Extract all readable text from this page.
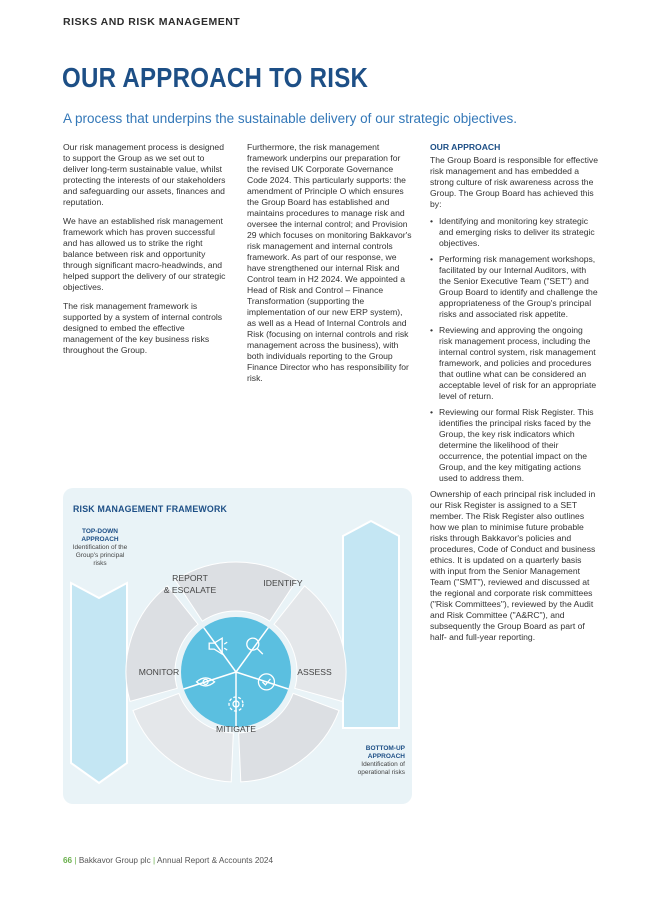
RISKS AND RISK MANAGEMENT
OUR APPROACH TO RISK
A process that underpins the sustainable delivery of our strategic objectives.

Our risk management process is designed to support the Group as we set out to deliver long-term sustainable value, whilst protecting the interests of our stakeholders and safeguarding our assets, finances and reputation.

We have an established risk management framework which has proven successful and has allowed us to strike the right balance between risk and opportunity through significant macro-headwinds, and helped support the delivery of our strategic objectives.

The risk management framework is supported by a system of internal controls designed to embed the effective management of the key business risks throughout the Group.

Furthermore, the risk management framework underpins our preparation for the revised UK Corporate Governance Code 2024. This particularly supports: the amendment of Principle O which ensures the Group Board has established and maintains procedures to manage risk and oversee the internal control; and Provision 29 which focuses on monitoring Bakkavor's risk management and internal controls framework. As part of our response, we have strengthened our internal Risk and Control team in H2 2024. We appointed a Head of Risk and Control – Finance Transformation (supporting the implementation of our new ERP system), as well as a Head of Internal Controls and Risk (focusing on internal controls and risk management across the business), with both individuals reporting to the Group Finance Director who has responsibility for risk.

OUR APPROACH

The Group Board is responsible for effective risk management and has embedded a strong culture of risk awareness across the Group. The Group Board has achieved this by:

• Identifying and monitoring key strategic and emerging risks to deliver its strategic objectives.
• Performing risk management workshops, facilitated by our Internal Auditors, with the Senior Executive Team ("SET") and Group Board to identify and challenge the appropriateness of the Group's principal risks and associated risk appetite.
• Reviewing and approving the ongoing risk management process, including the internal control system, risk management framework, and policies and procedures that outline what can be considered an acceptable level of risk for an appropriate level of return.
• Reviewing our formal Risk Register. This identifies the principal risks faced by the Group, the key risk indicators which determine the likelihood of their occurrence, the potential impact on the Group, and the key mitigating actions used to address them.

Ownership of each principal risk included in our Risk Register is assigned to a SET member. The Risk Register also outlines how we plan to minimise future probable risks through Bakkavor's policies and procedures, Code of Conduct and business ethics. It is updated on a quarterly basis with input from the Senior Management Team ("SMT"), reviewed and discussed at the regional and corporate risk committees ("Risk Committees"), reviewed by the Audit and Risk Committee ("A&RC"), and subsequently the Group Board as part of half- and full-year reporting.

RISK MANAGEMENT FRAMEWORK
TOP-DOWN
APPROACH
Identification of the Group's principal risks
BOTTOM-UP
APPROACH
Identification of operational risks
REPORT
& ESCALATE
IDENTIFY
ASSESS
MITIGATE
MONITOR
66 | Bakkavor Group plc | Annual Report & Accounts 2024
